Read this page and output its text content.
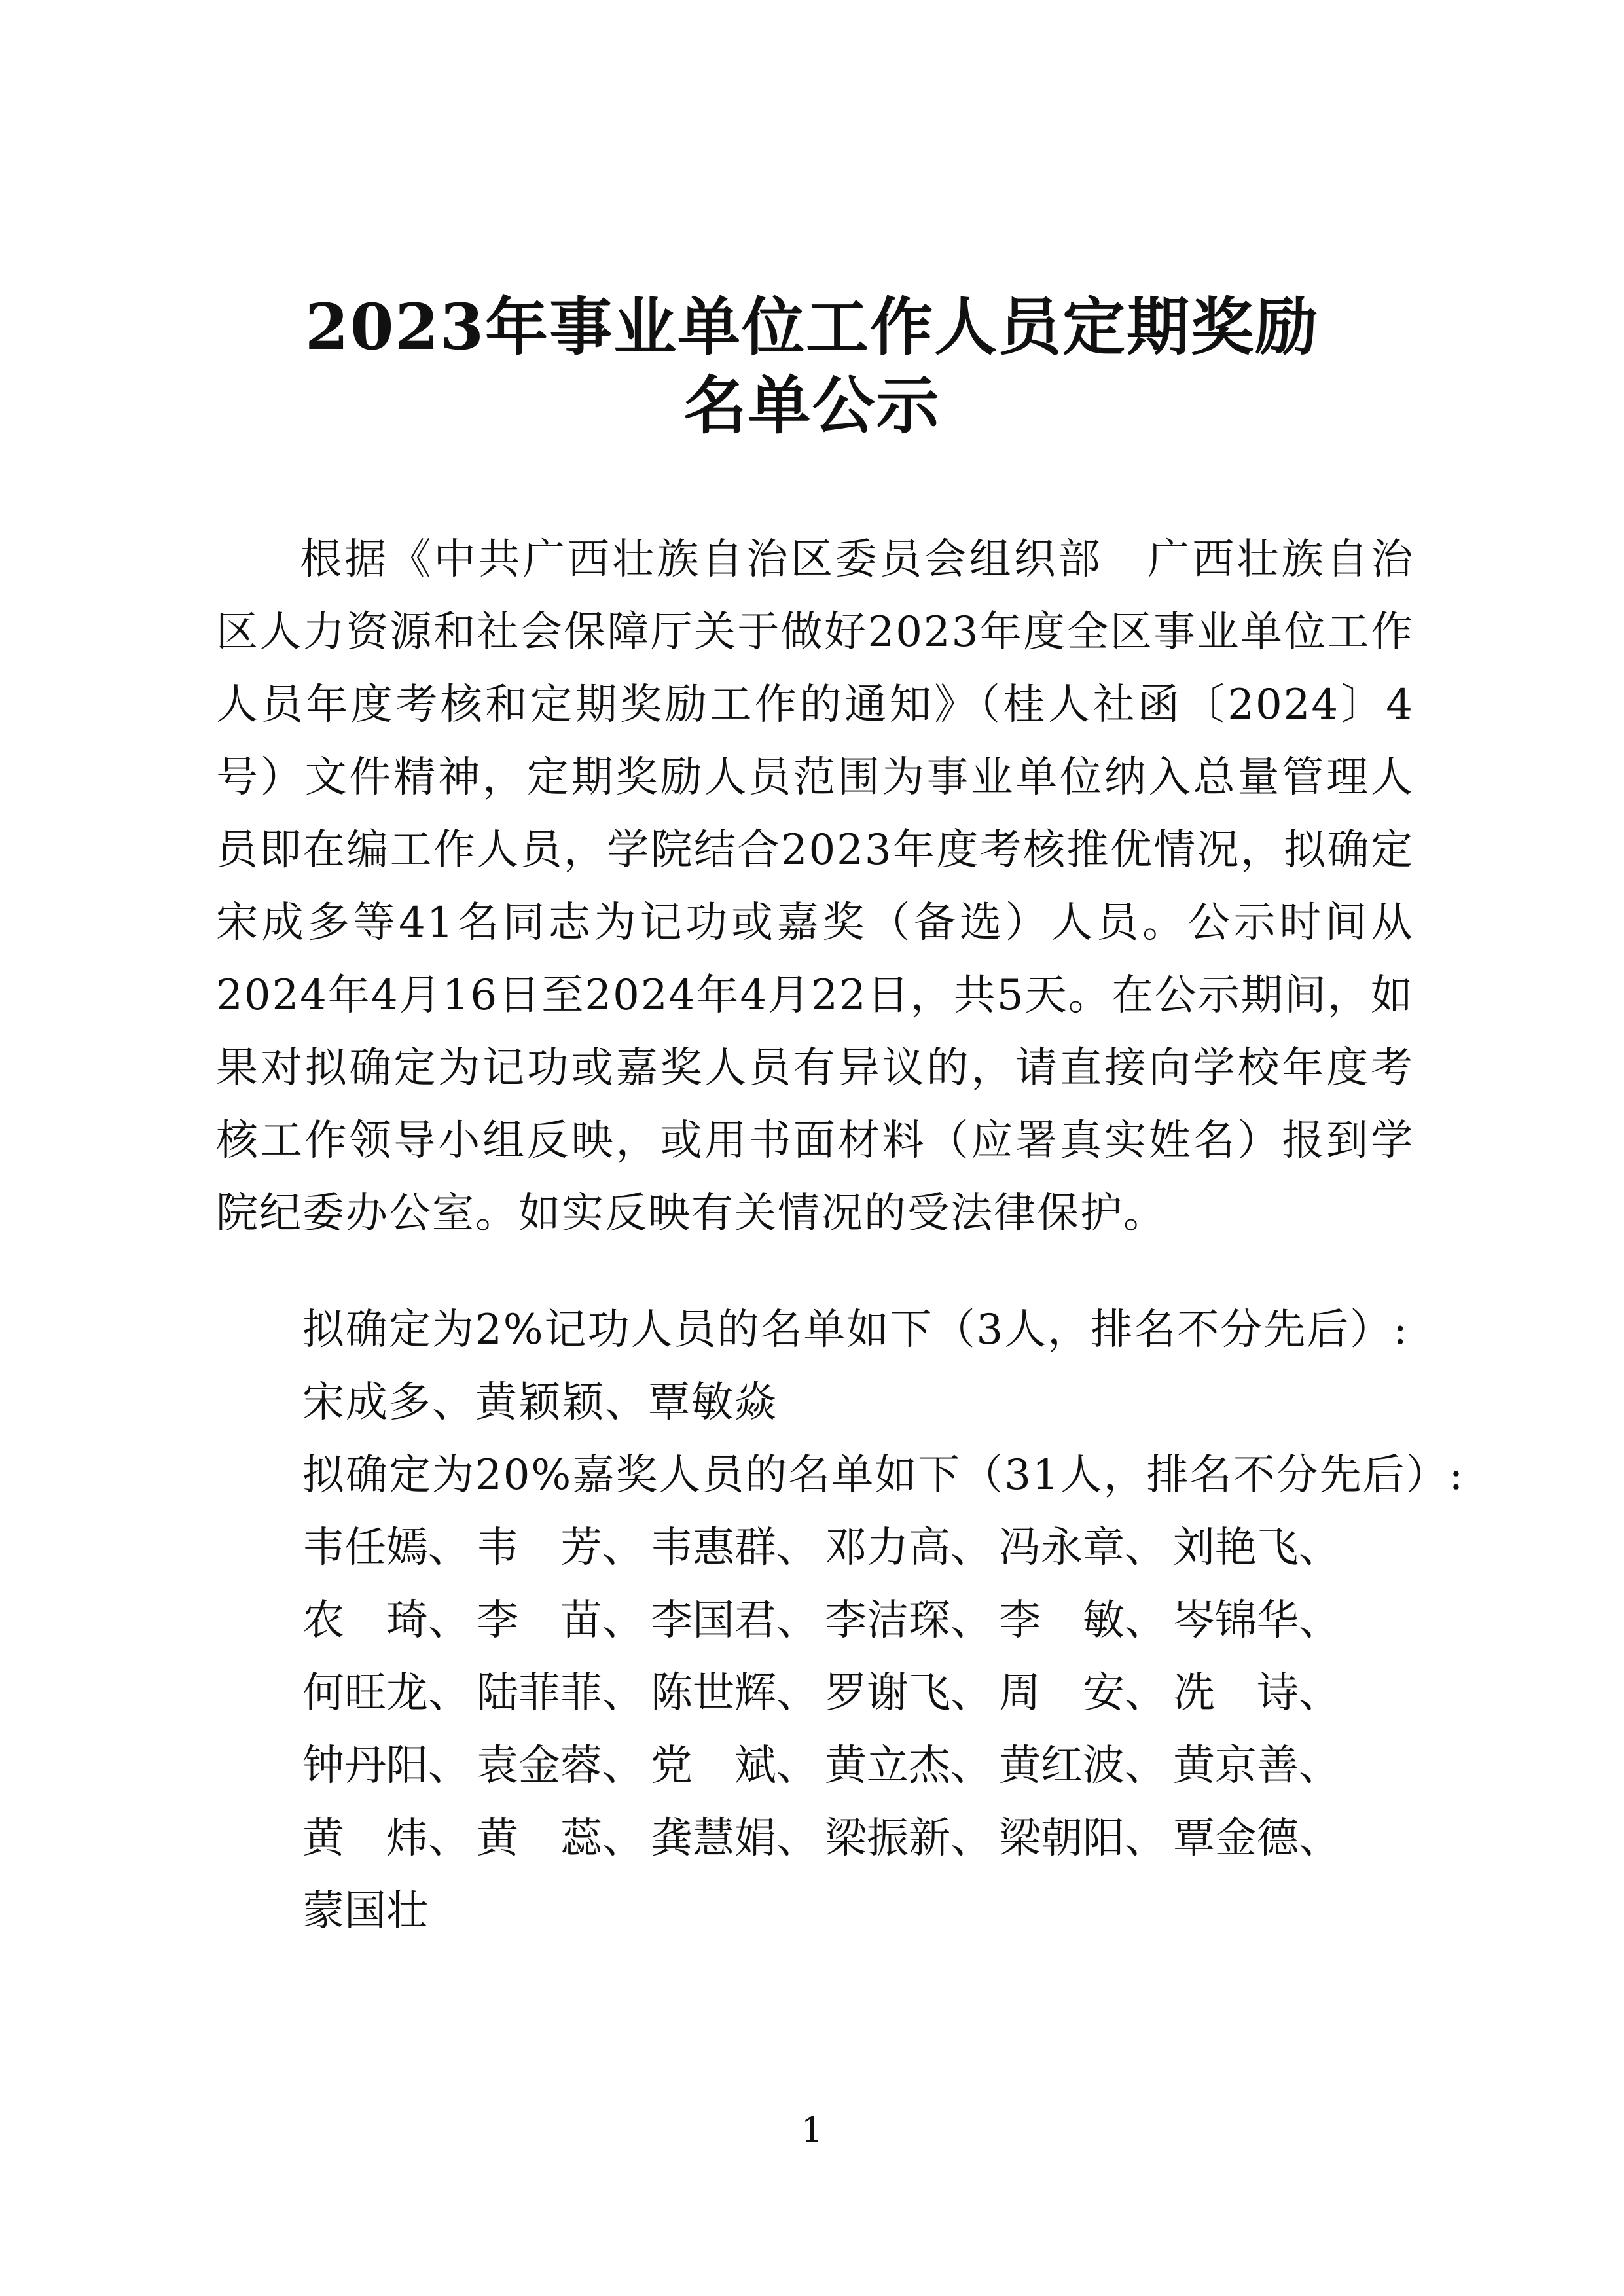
2023年事业单位工作人员定期奖励
名单公示

根据《中共广西壮族自治区委员会组织部　广西壮族自治区人力资源和社会保障厅关于做好2023年度全区事业单位工作人员年度考核和定期奖励工作的通知》（桂人社函〔2024〕4号）文件精神，定期奖励人员范围为事业单位纳入总量管理人员即在编工作人员，学院结合2023年度考核推优情况，拟确定宋成多等41名同志为记功或嘉奖（备选）人员。公示时间从2024年4月16日至2024年4月22日，共5天。在公示期间，如果对拟确定为记功或嘉奖人员有异议的，请直接向学校年度考核工作领导小组反映，或用书面材料（应署真实姓名）报到学院纪委办公室。如实反映有关情况的受法律保护。

拟确定为2%记功人员的名单如下（3人，排名不分先后）:
宋成多、黄颖颖、覃敏焱
拟确定为20%嘉奖人员的名单如下（31人，排名不分先后）:
韦任嫣、 韦　芳、 韦惠群、 邓力高、 冯永章、 刘艳飞、
农　琦、 李　苗、 李国君、 李洁琛、 李　敏、 岑锦华、
何旺龙、 陆菲菲、 陈世辉、 罗谢飞、 周　安、 冼　诗、
钟丹阳、 袁金蓉、 党　斌、 黄立杰、 黄红波、 黄京善、
黄　炜、 黄　蕊、 龚慧娟、 梁振新、 梁朝阳、 覃金德、
蒙国壮
1
